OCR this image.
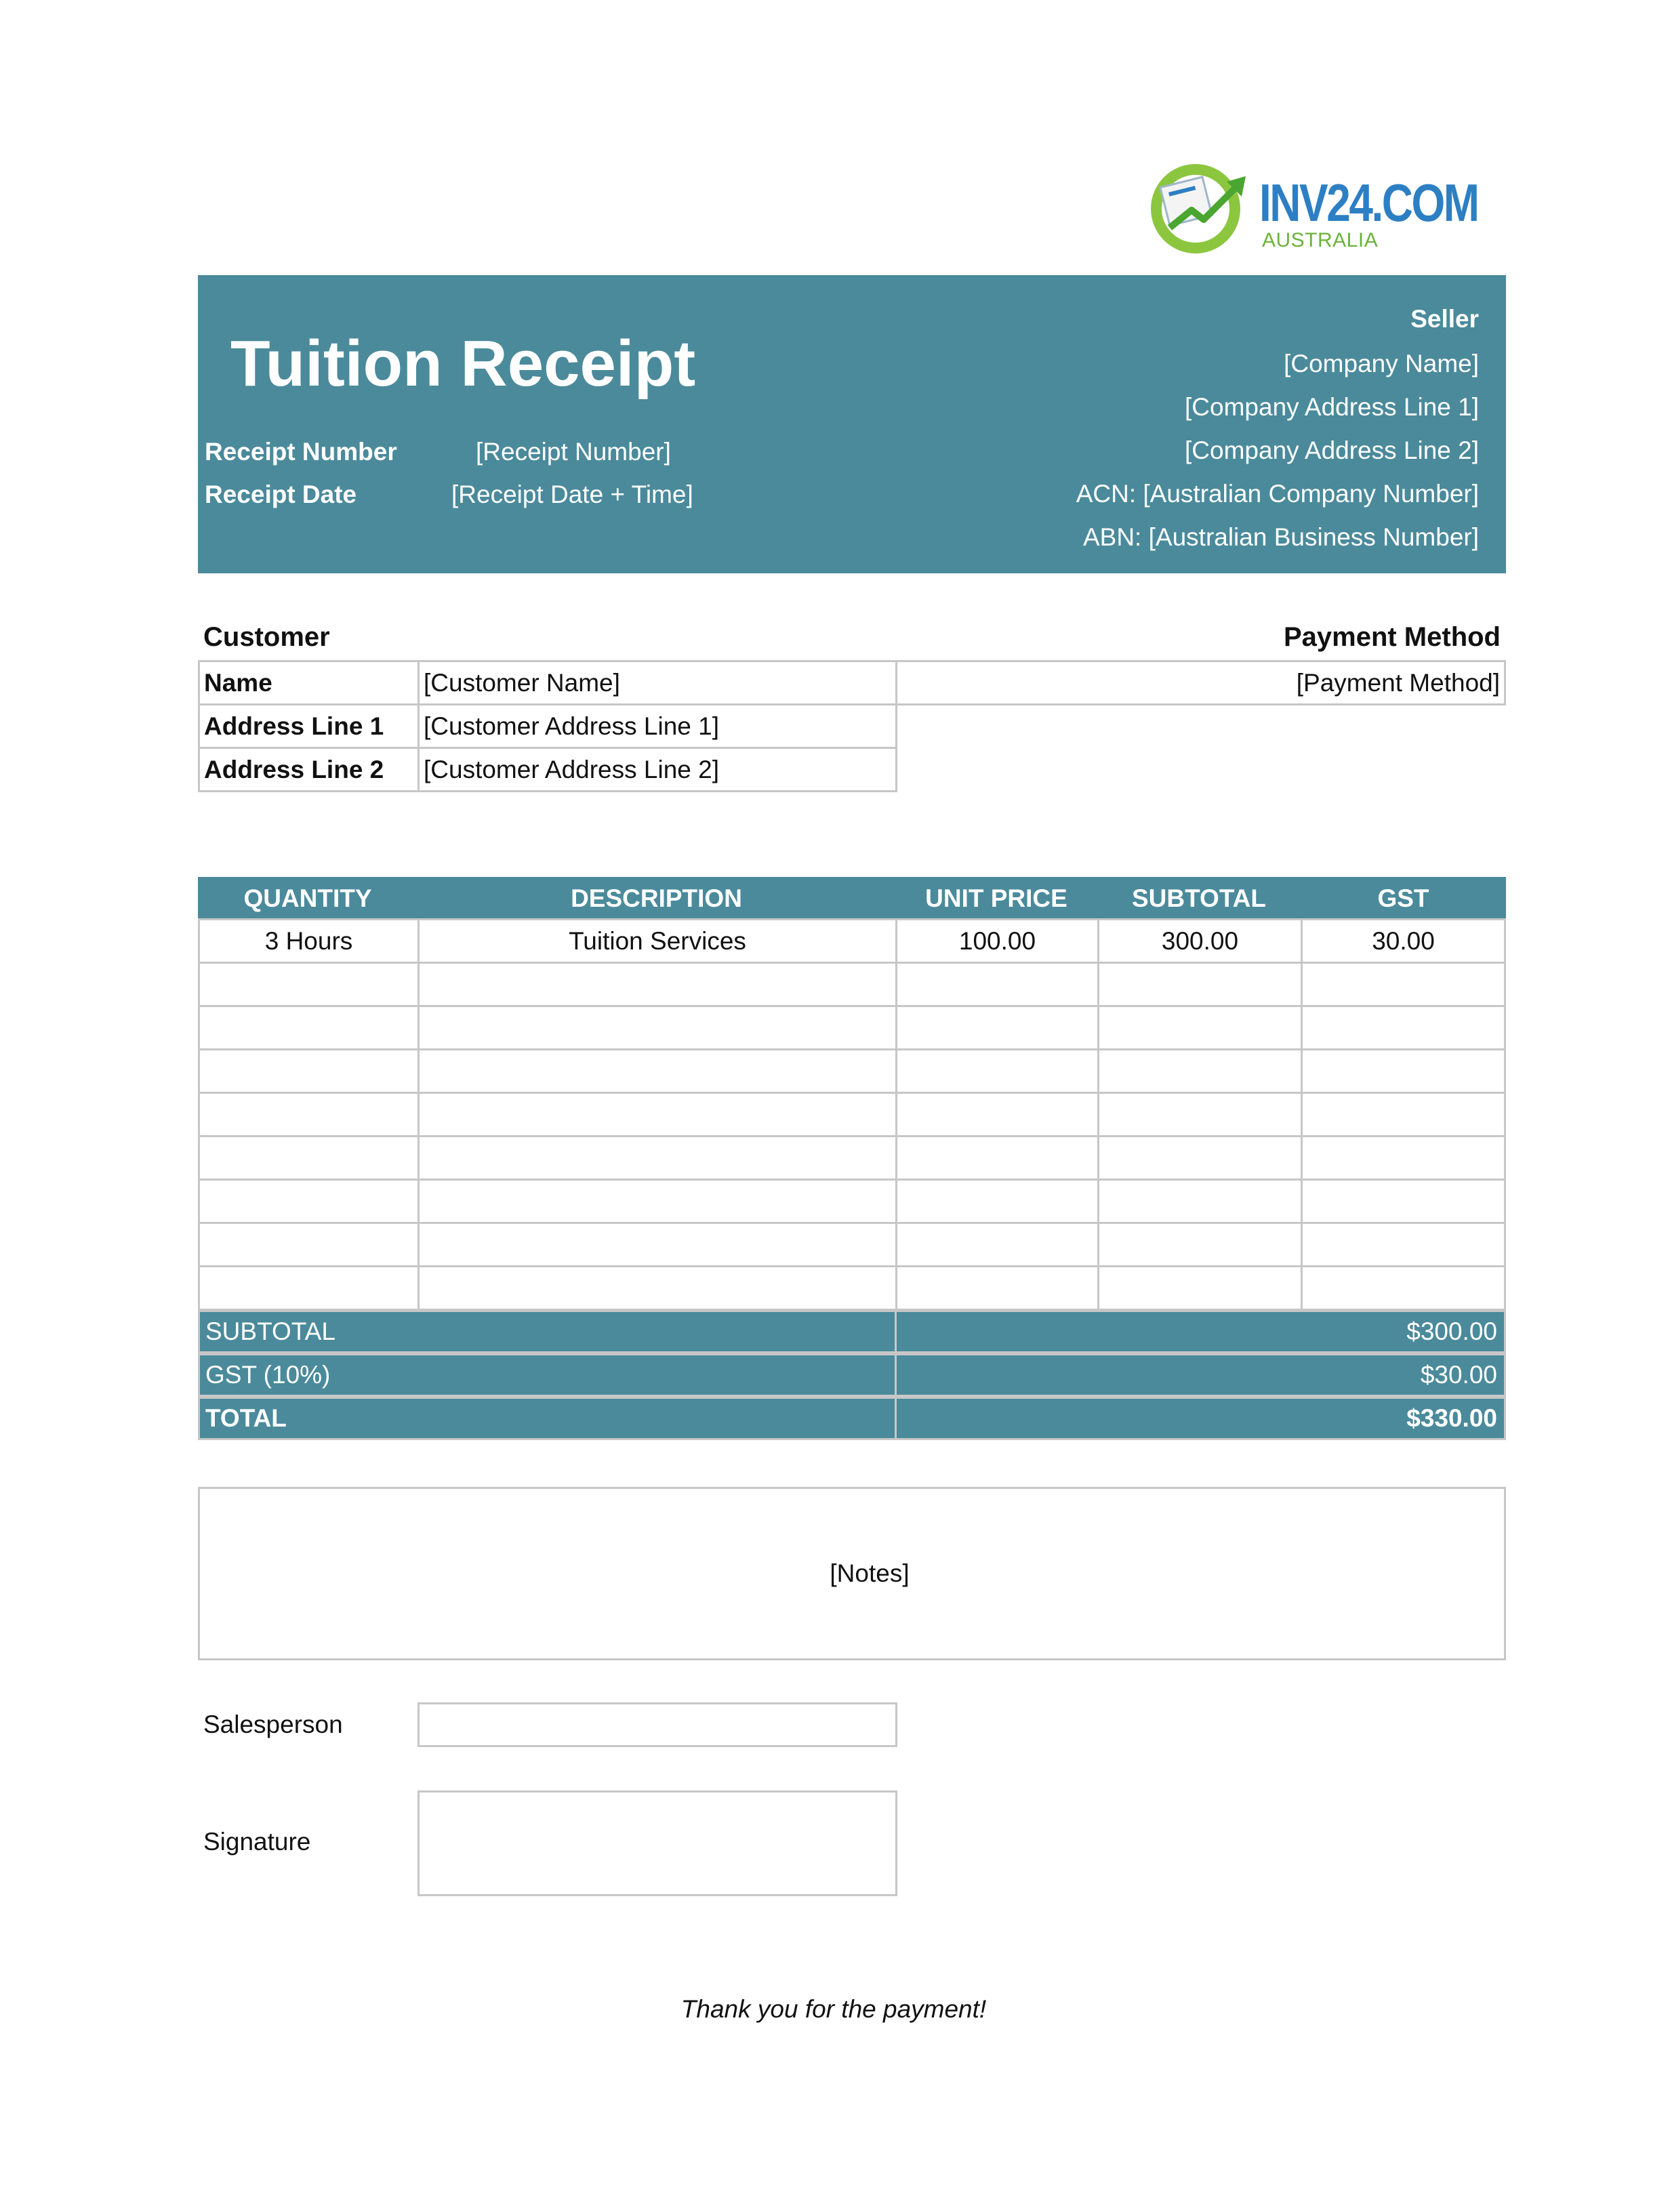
INV24.COM
AUSTRALIA
Tuition Receipt
Receipt Number	[Receipt Number]
Receipt Date	[Receipt Date + Time]
Seller
[Company Name]
[Company Address Line 1]
[Company Address Line 2]
ACN: [Australian Company Number]
ABN: [Australian Business Number]
Customer	Payment Method
Name	[Customer Name]	[Payment Method]
Address Line 1	[Customer Address Line 1]
Address Line 2	[Customer Address Line 2]
QUANTITY	DESCRIPTION	UNIT PRICE	SUBTOTAL	GST
3 Hours	Tuition Services	100.00	300.00	30.00
SUBTOTAL	$300.00
GST (10%)	$30.00
TOTAL	$330.00
[Notes]
Salesperson
Signature
Thank you for the payment!
